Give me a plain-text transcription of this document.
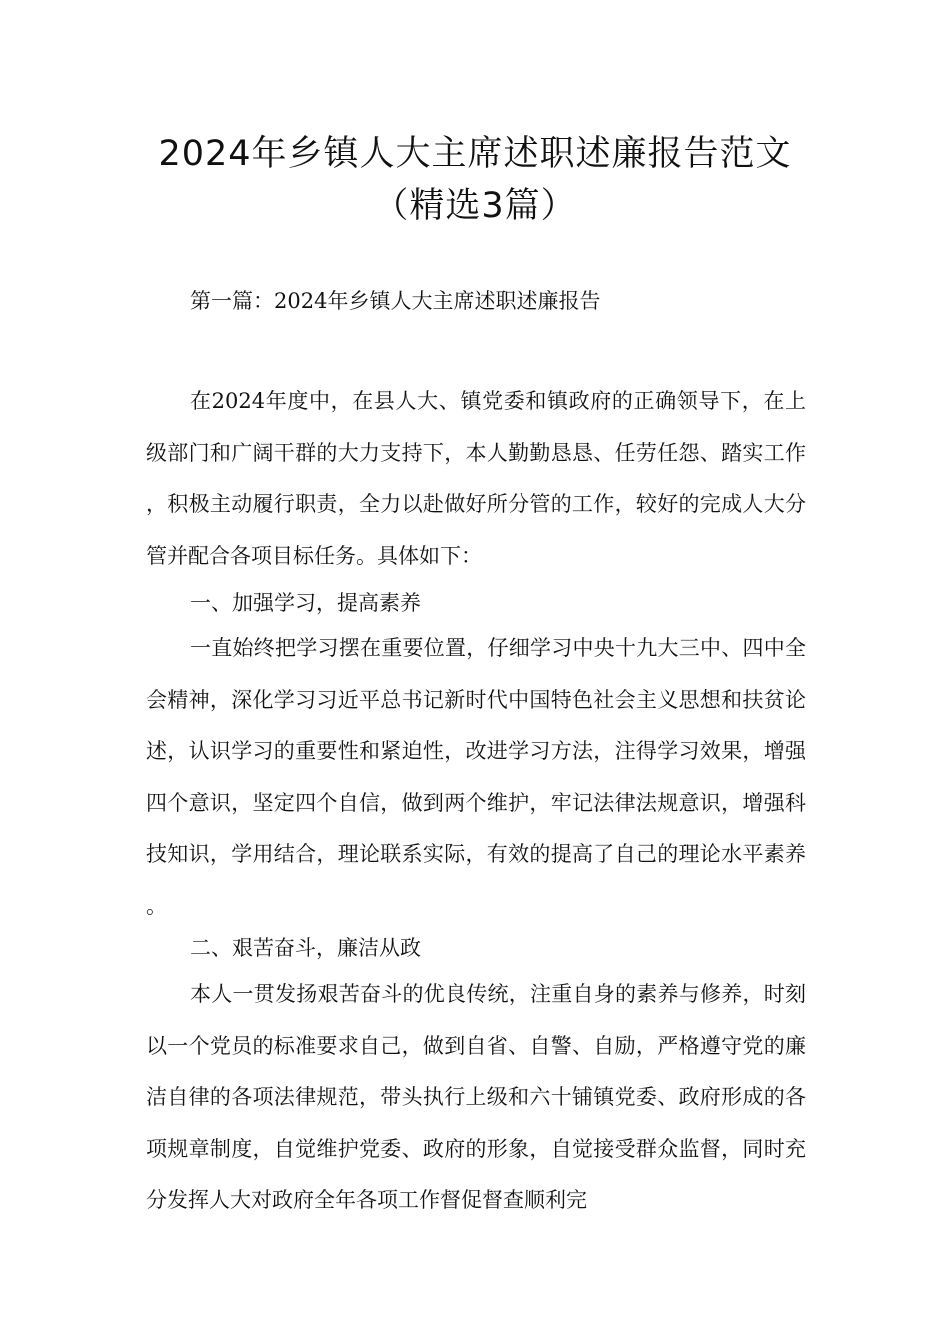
2024年乡镇人大主席述职述廉报告范文
（精选3篇）

第一篇：2024年乡镇人大主席述职述廉报告

在2024年度中，在县人大、镇党委和镇政府的正确领导下，在上级部门和广阔干群的大力支持下，本人勤勤恳恳、任劳任怨、踏实工作，积极主动履行职责，全力以赴做好所分管的工作，较好的完成人大分管并配合各项目标任务。具体如下：

一、加强学习，提高素养

一直始终把学习摆在重要位置，仔细学习中央十九大三中、四中全会精神，深化学习习近平总书记新时代中国特色社会主义思想和扶贫论述，认识学习的重要性和紧迫性，改进学习方法，注得学习效果，增强四个意识，坚定四个自信，做到两个维护，牢记法律法规意识，增强科技知识，学用结合，理论联系实际，有效的提高了自己的理论水平素养。

二、艰苦奋斗，廉洁从政

本人一贯发扬艰苦奋斗的优良传统，注重自身的素养与修养，时刻以一个党员的标准要求自己，做到自省、自警、自励，严格遵守党的廉洁自律的各项法律规范，带头执行上级和六十铺镇党委、政府形成的各项规章制度，自觉维护党委、政府的形象，自觉接受群众监督，同时充分发挥人大对政府全年各项工作督促督查顺利完
